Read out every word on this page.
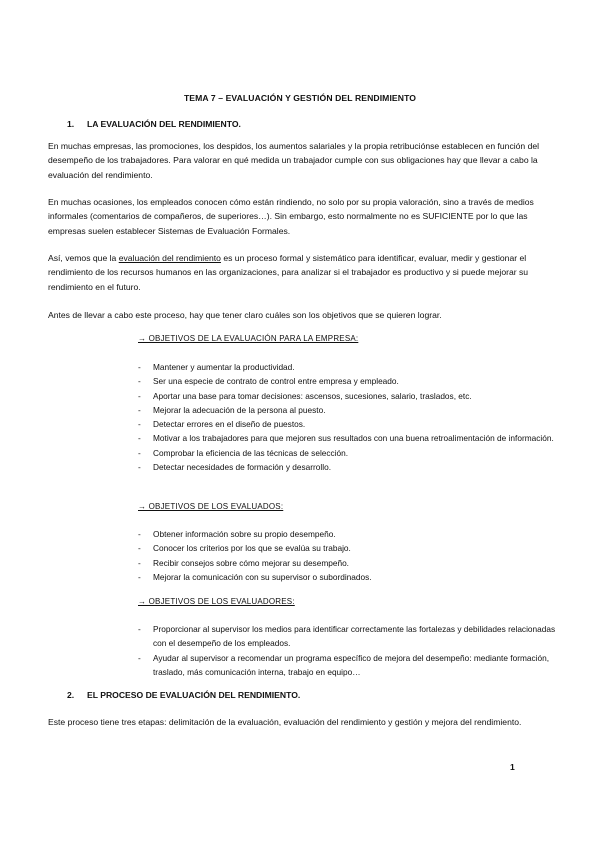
TEMA 7 – EVALUACIÓN Y GESTIÓN DEL RENDIMIENTO
1. LA EVALUACIÓN DEL RENDIMIENTO.
En muchas empresas, las promociones, los despidos, los aumentos salariales y la propia retribuciónse establecen en función del desempeño de los trabajadores. Para valorar en qué medida un trabajador cumple con sus obligaciones hay que llevar a cabo la evaluación del rendimiento.
En muchas ocasiones, los empleados conocen cómo están rindiendo, no solo por su propia valoración, sino a través de medios informales (comentarios de compañeros, de superiores…). Sin embargo, esto normalmente no es SUFICIENTE por lo que las empresas suelen establecer Sistemas de Evaluación Formales.
Así, vemos que la evaluación del rendimiento es un proceso formal y sistemático para identificar, evaluar, medir y gestionar el rendimiento de los recursos humanos en las organizaciones, para analizar si el trabajador es productivo y si puede mejorar su rendimiento en el futuro.
Antes de llevar a cabo este proceso, hay que tener claro cuáles son los objetivos que se quieren lograr.
→ OBJETIVOS DE LA EVALUACIÓN PARA LA EMPRESA:
- Mantener y aumentar la productividad.
- Ser una especie de contrato de control entre empresa y empleado.
- Aportar una base para tomar decisiones: ascensos, sucesiones, salario, traslados, etc.
- Mejorar la adecuación de la persona al puesto.
- Detectar errores en el diseño de puestos.
- Motivar a los trabajadores para que mejoren sus resultados con una buena retroalimentación de información.
- Comprobar la eficiencia de las técnicas de selección.
- Detectar necesidades de formación y desarrollo.
→ OBJETIVOS DE LOS EVALUADOS:
- Obtener información sobre su propio desempeño.
- Conocer los criterios por los que se evalúa su trabajo.
- Recibir consejos sobre cómo mejorar su desempeño.
- Mejorar la comunicación con su supervisor o subordinados.
→ OBJETIVOS DE LOS EVALUADORES:
- Proporcionar al supervisor los medios para identificar correctamente las fortalezas y debilidades relacionadas con el desempeño de los empleados.
- Ayudar al supervisor a recomendar un programa específico de mejora del desempeño: mediante formación, traslado, más comunicación interna, trabajo en equipo…
2. EL PROCESO DE EVALUACIÓN DEL RENDIMIENTO.
Este proceso tiene tres etapas: delimitación de la evaluación, evaluación del rendimiento y gestión y mejora del rendimiento.
1
